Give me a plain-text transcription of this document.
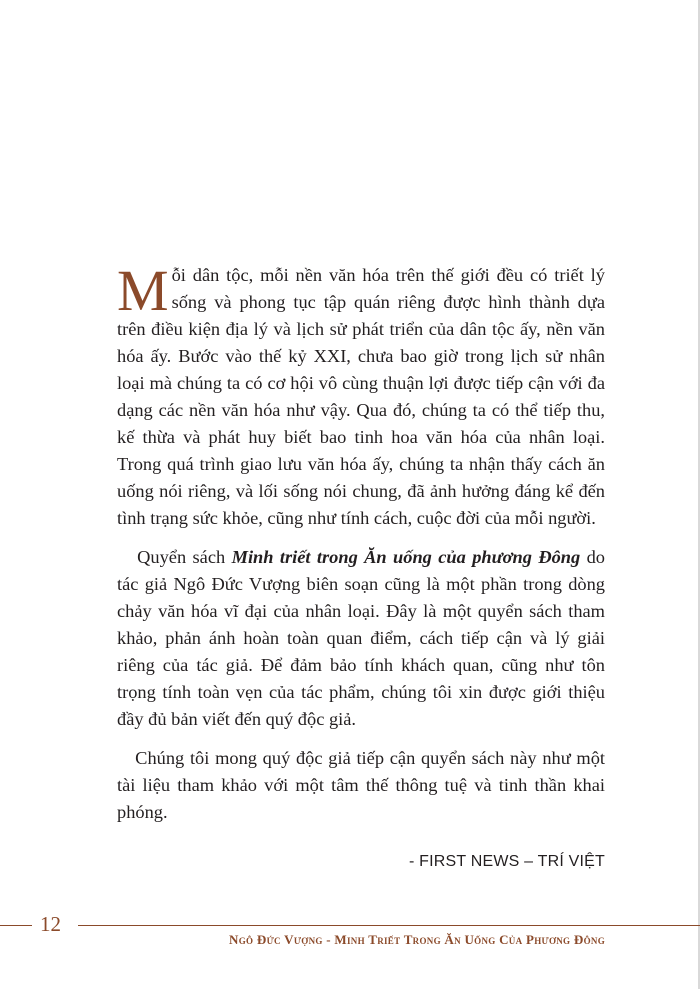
Mỗi dân tộc, mỗi nền văn hóa trên thế giới đều có triết lý sống và phong tục tập quán riêng được hình thành dựa trên điều kiện địa lý và lịch sử phát triển của dân tộc ấy, nền văn hóa ấy. Bước vào thế kỷ XXI, chưa bao giờ trong lịch sử nhân loại mà chúng ta có cơ hội vô cùng thuận lợi được tiếp cận với đa dạng các nền văn hóa như vậy. Qua đó, chúng ta có thể tiếp thu, kế thừa và phát huy biết bao tinh hoa văn hóa của nhân loại. Trong quá trình giao lưu văn hóa ấy, chúng ta nhận thấy cách ăn uống nói riêng, và lối sống nói chung, đã ảnh hưởng đáng kể đến tình trạng sức khỏe, cũng như tính cách, cuộc đời của mỗi người.

Quyển sách Minh triết trong Ăn uống của phương Đông do tác giả Ngô Đức Vượng biên soạn cũng là một phần trong dòng chảy văn hóa vĩ đại của nhân loại. Đây là một quyển sách tham khảo, phản ánh hoàn toàn quan điểm, cách tiếp cận và lý giải riêng của tác giả. Để đảm bảo tính khách quan, cũng như tôn trọng tính toàn vẹn của tác phẩm, chúng tôi xin được giới thiệu đầy đủ bản viết đến quý độc giả.

Chúng tôi mong quý độc giả tiếp cận quyển sách này như một tài liệu tham khảo với một tâm thế thông tuệ và tinh thần khai phóng.

- FIRST NEWS – TRÍ VIỆT
12
Ngô Đức Vượng - Minh Triết Trong Ăn Uống Của Phương Đông
